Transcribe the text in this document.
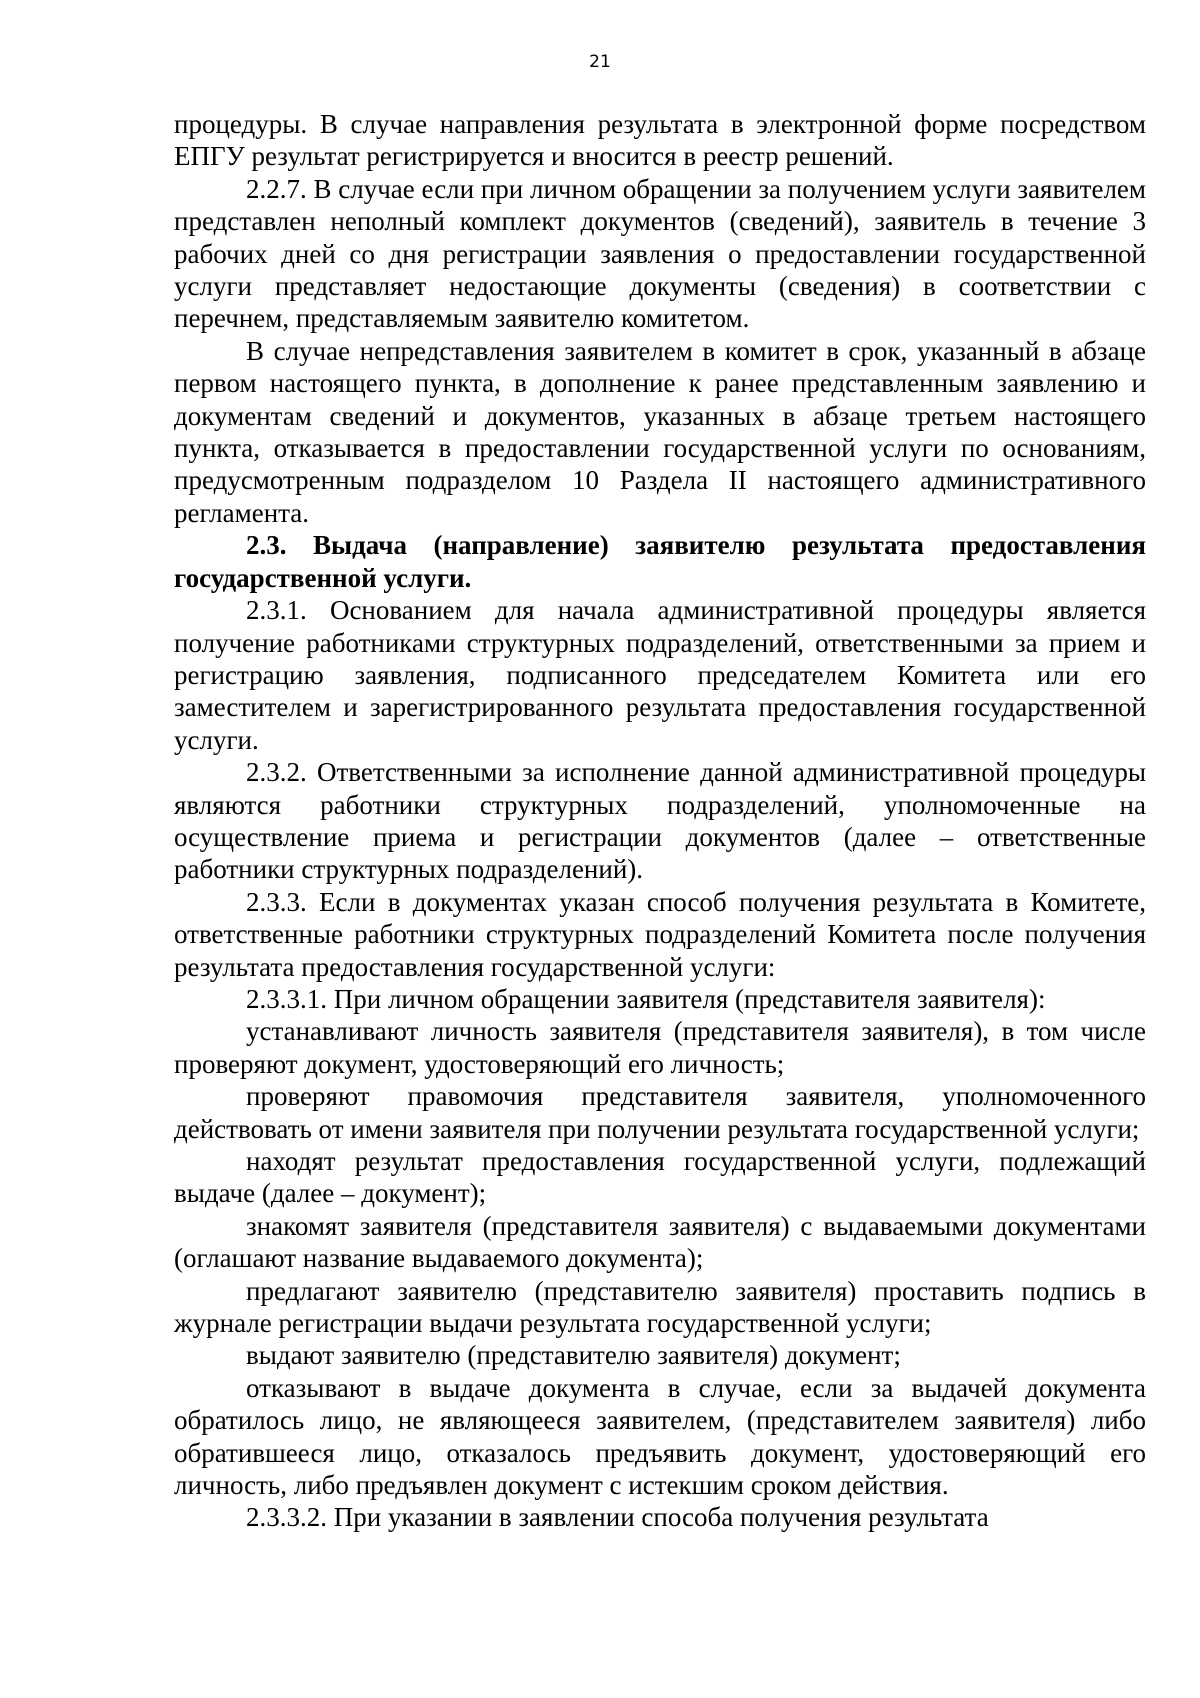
21

процедуры. В случае направления результата в электронной форме посредством ЕПГУ результат регистрируется и вносится в реестр решений.

2.2.7. В случае если при личном обращении за получением услуги заявителем представлен неполный комплект документов (сведений), заявитель в течение 3 рабочих дней со дня регистрации заявления о предоставлении государственной услуги представляет недостающие документы (сведения) в соответствии с перечнем, представляемым заявителю комитетом.

В случае непредставления заявителем в комитет в срок, указанный в абзаце первом настоящего пункта, в дополнение к ранее представленным заявлению и документам сведений и документов, указанных в абзаце третьем настоящего пункта, отказывается в предоставлении государственной услуги по основаниям, предусмотренным подразделом 10 Раздела II настоящего административного регламента.

2.3. Выдача (направление) заявителю результата предоставления государственной услуги.

2.3.1. Основанием для начала административной процедуры является получение работниками структурных подразделений, ответственными за прием и регистрацию заявления, подписанного председателем Комитета или его заместителем и зарегистрированного результата предоставления государственной услуги.

2.3.2. Ответственными за исполнение данной административной процедуры являются работники структурных подразделений, уполномоченные на осуществление приема и регистрации документов (далее – ответственные работники структурных подразделений).

2.3.3. Если в документах указан способ получения результата в Комитете, ответственные работники структурных подразделений Комитета после получения результата предоставления государственной услуги:

2.3.3.1. При личном обращении заявителя (представителя заявителя):

устанавливают личность заявителя (представителя заявителя), в том числе проверяют документ, удостоверяющий его личность;

проверяют правомочия представителя заявителя, уполномоченного действовать от имени заявителя при получении результата государственной услуги;

находят результат предоставления государственной услуги, подлежащий выдаче (далее – документ);

знакомят заявителя (представителя заявителя) с выдаваемыми документами (оглашают название выдаваемого документа);

предлагают заявителю (представителю заявителя) проставить подпись в журнале регистрации выдачи результата государственной услуги;

выдают заявителю (представителю заявителя) документ;

отказывают в выдаче документа в случае, если за выдачей документа обратилось лицо, не являющееся заявителем, (представителем заявителя) либо обратившееся лицо, отказалось предъявить документ, удостоверяющий его личность, либо предъявлен документ с истекшим сроком действия.

2.3.3.2. При указании в заявлении способа получения результата
